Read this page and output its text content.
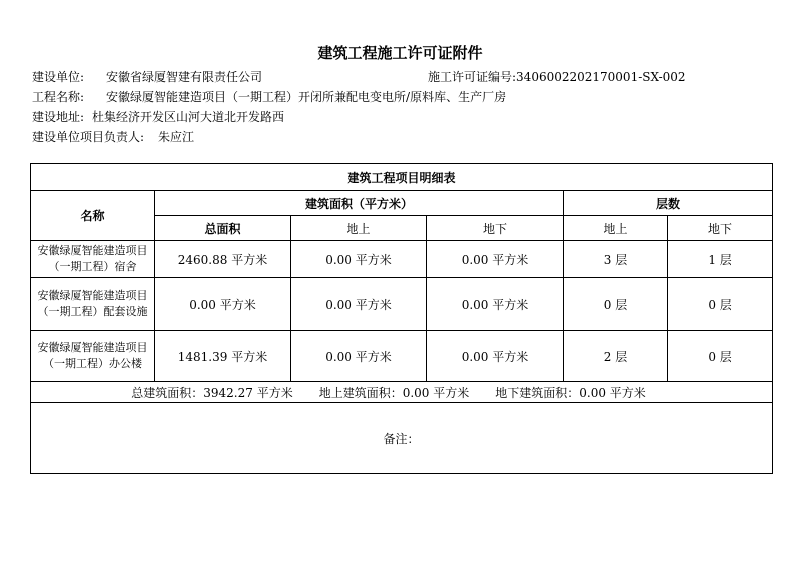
建筑工程施工许可证附件
建设单位: 安徽省绿厦智建有限责任公司	施工许可证编号:3406002202170001-SX-002
工程名称: 安徽绿厦智能建造项目（一期工程）开闭所兼配电变电所/原料库、生产厂房
建设地址: 杜集经济开发区山河大道北开发路西
建设单位项目负责人: 朱应江
建筑工程项目明细表					
名称	建筑面积（平方米）			层数	
	总面积	地上	地下	地上	地下
安徽绿厦智能建造项目（一期工程）宿舍	2460.88 平方米	0.00 平方米	0.00 平方米	3 层	1 层
安徽绿厦智能建造项目（一期工程）配套设施	0.00 平方米	0.00 平方米	0.00 平方米	0 层	0 层
安徽绿厦智能建造项目（一期工程）办公楼	1481.39 平方米	0.00 平方米	0.00 平方米	2 层	0 层
总建筑面积：3942.27 平方米 地上建筑面积：0.00 平方米 地下建筑面积：0.00 平方米					
备注：					
